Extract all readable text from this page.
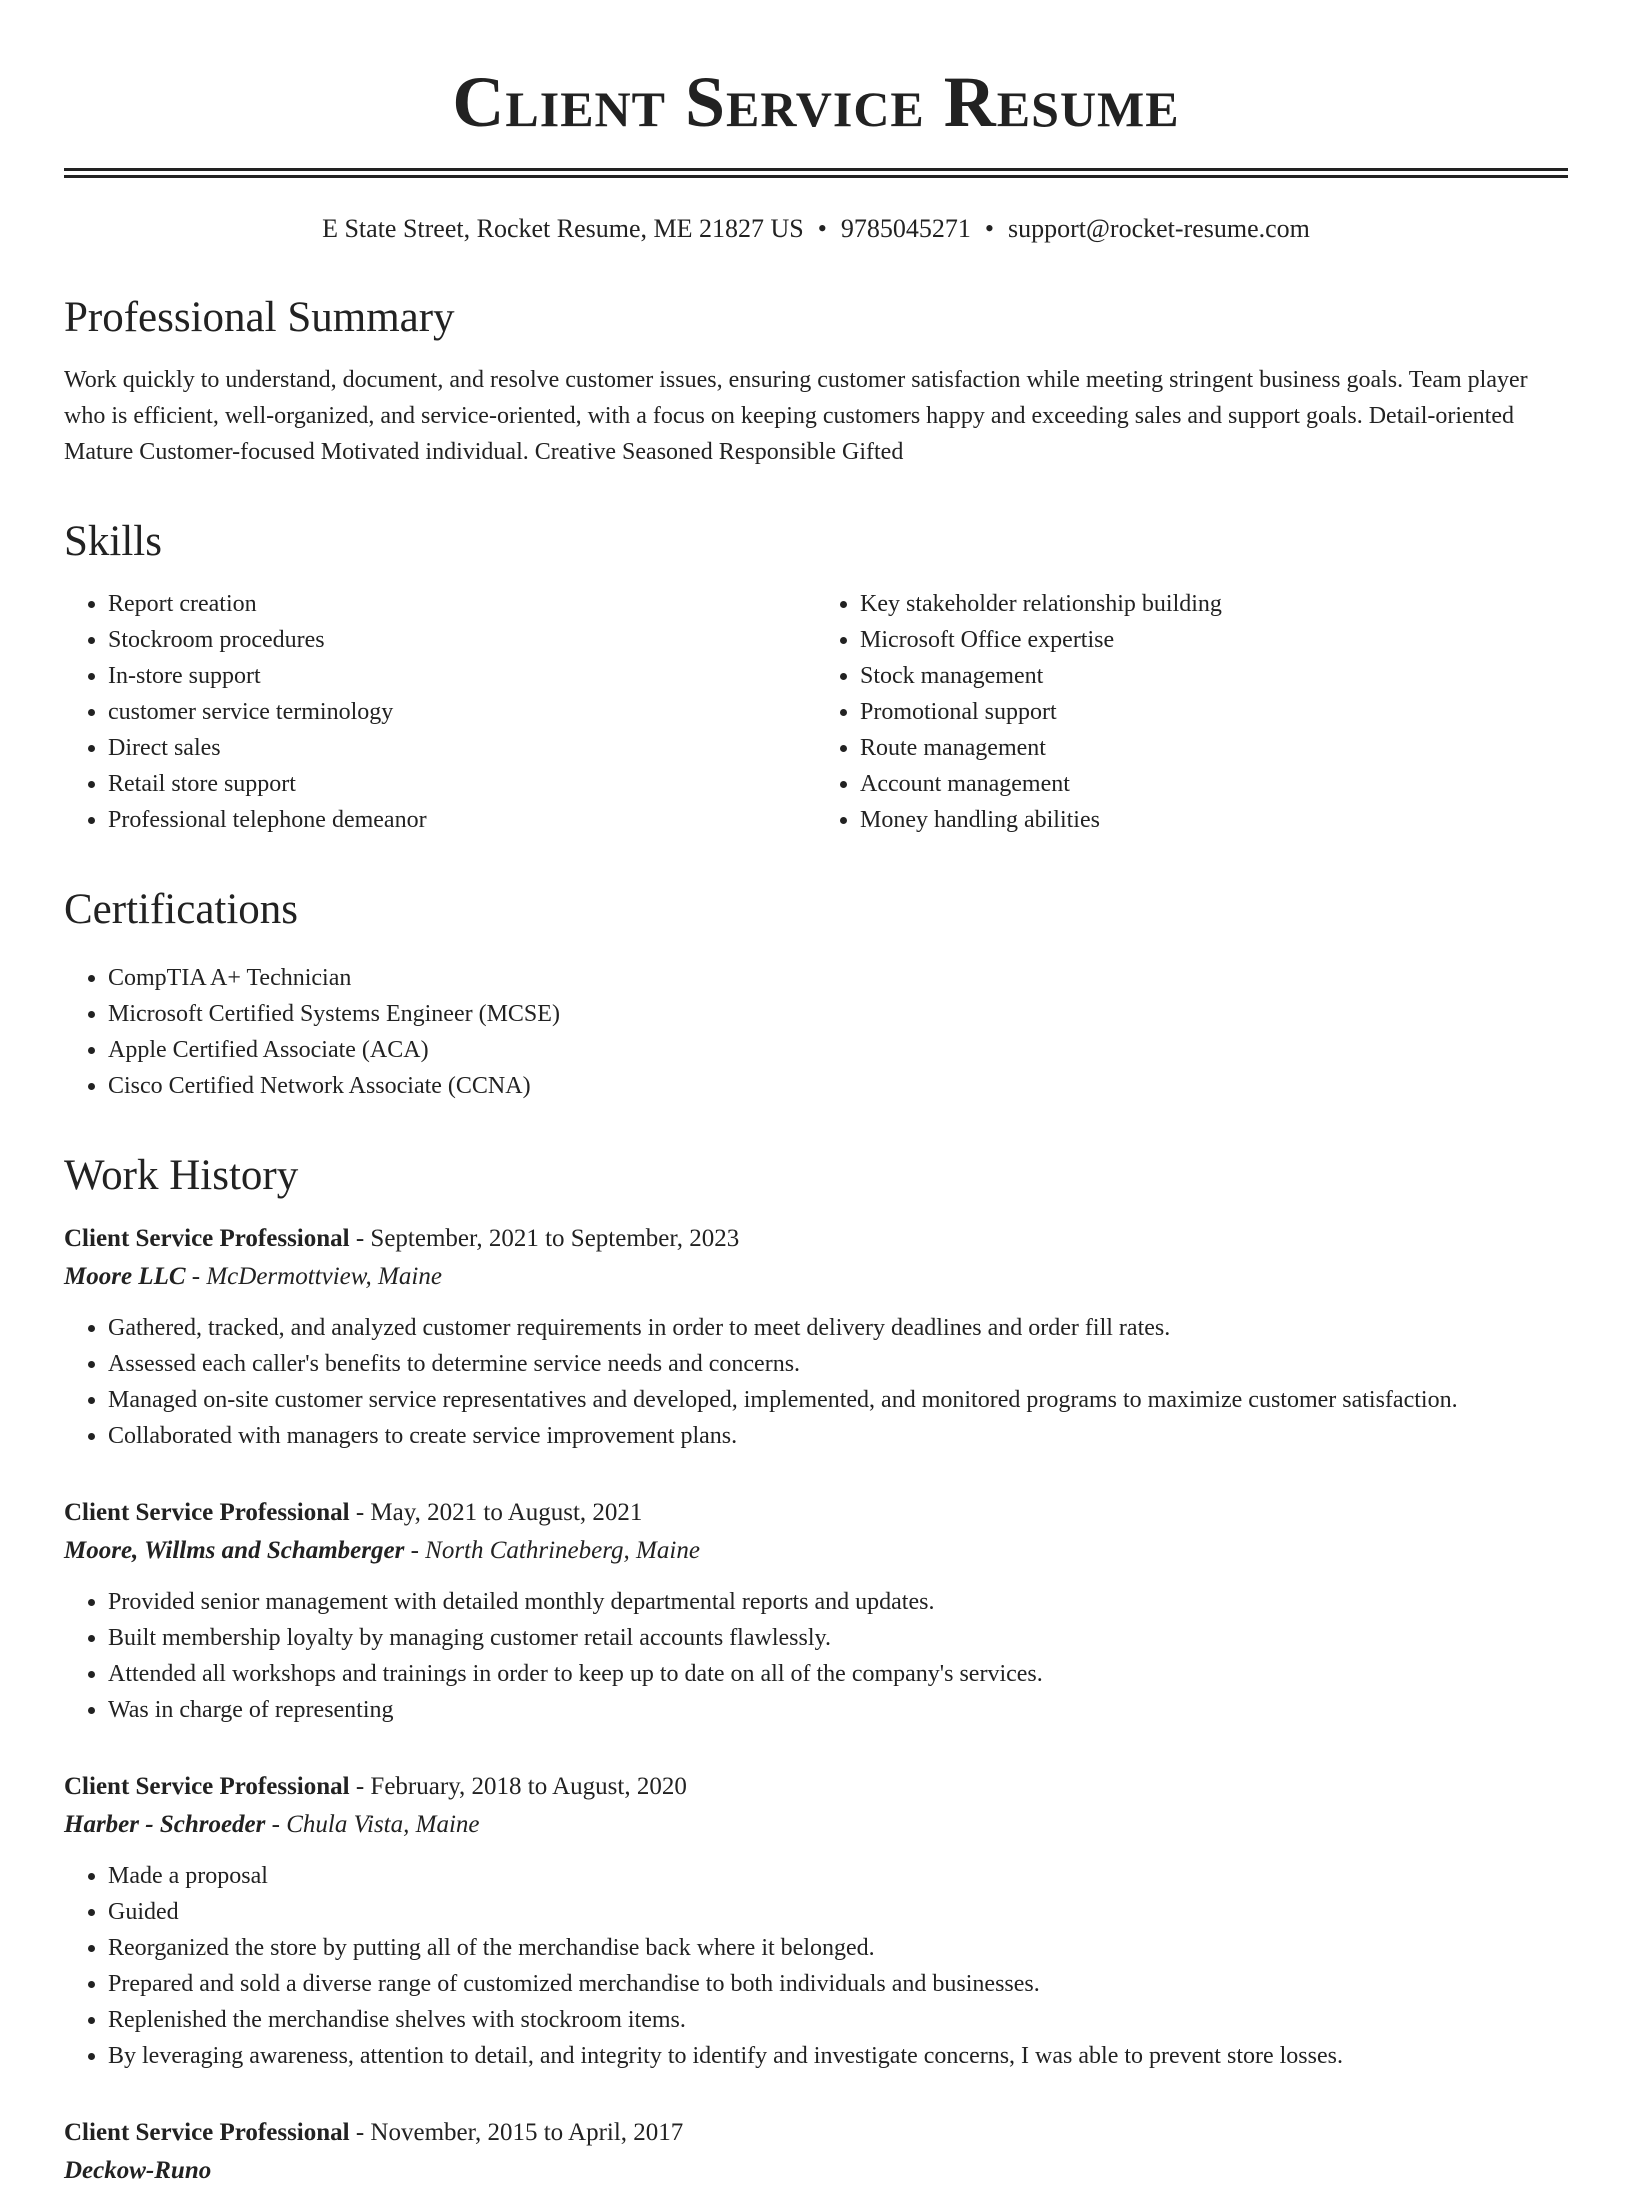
Client Service Resume
E State Street, Rocket Resume, ME 21827 US • 9785045271 • support@rocket-resume.com
Professional Summary

Work quickly to understand, document, and resolve customer issues, ensuring customer satisfaction while meeting stringent business goals. Team player who is efficient, well-organized, and service-oriented, with a focus on keeping customers happy and exceeding sales and support goals. Detail-oriented Mature Customer-focused Motivated individual. Creative Seasoned Responsible Gifted

Skills
• Report creation
• Stockroom procedures
• In-store support
• customer service terminology
• Direct sales
• Retail store support
• Professional telephone demeanor
• Key stakeholder relationship building
• Microsoft Office expertise
• Stock management
• Promotional support
• Route management
• Account management
• Money handling abilities
Certifications
• CompTIA A+ Technician
• Microsoft Certified Systems Engineer (MCSE)
• Apple Certified Associate (ACA)
• Cisco Certified Network Associate (CCNA)
Work History
Client Service Professional - September, 2021 to September, 2023
Moore LLC - McDermottview, Maine
• Gathered, tracked, and analyzed customer requirements in order to meet delivery deadlines and order fill rates.
• Assessed each caller's benefits to determine service needs and concerns.
• Managed on-site customer service representatives and developed, implemented, and monitored programs to maximize customer satisfaction.
• Collaborated with managers to create service improvement plans.
Client Service Professional - May, 2021 to August, 2021
Moore, Willms and Schamberger - North Cathrineberg, Maine
• Provided senior management with detailed monthly departmental reports and updates.
• Built membership loyalty by managing customer retail accounts flawlessly.
• Attended all workshops and trainings in order to keep up to date on all of the company's services.
• Was in charge of representing
Client Service Professional - February, 2018 to August, 2020
Harber - Schroeder - Chula Vista, Maine
• Made a proposal
• Guided
• Reorganized the store by putting all of the merchandise back where it belonged.
• Prepared and sold a diverse range of customized merchandise to both individuals and businesses.
• Replenished the merchandise shelves with stockroom items.
• By leveraging awareness, attention to detail, and integrity to identify and investigate concerns, I was able to prevent store losses.
Client Service Professional - November, 2015 to April, 2017
Deckow-Runo
